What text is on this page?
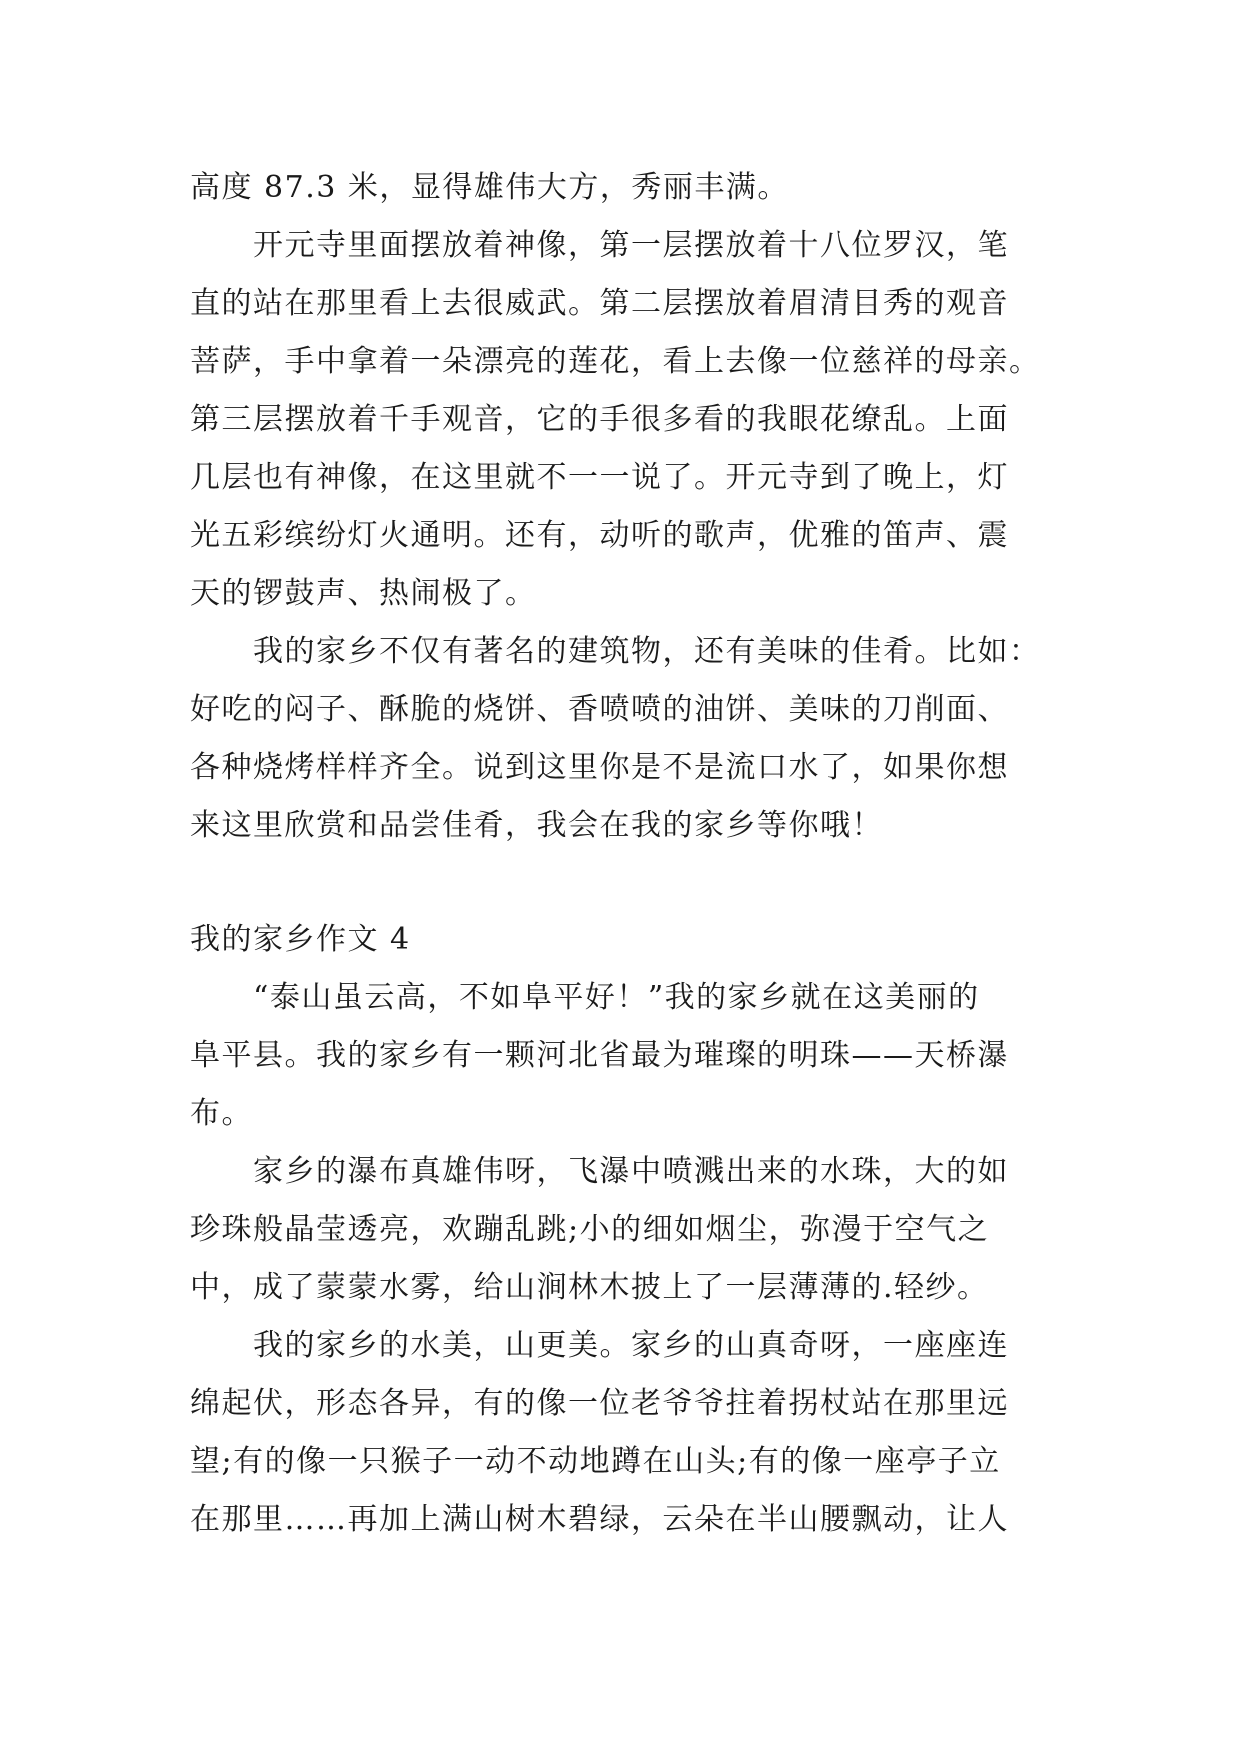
高度 87.3 米，显得雄伟大方，秀丽丰满。
　　开元寺里面摆放着神像，第一层摆放着十八位罗汉，笔
直的站在那里看上去很威武。第二层摆放着眉清目秀的观音
菩萨，手中拿着一朵漂亮的莲花，看上去像一位慈祥的母亲。
第三层摆放着千手观音，它的手很多看的我眼花缭乱。上面
几层也有神像，在这里就不一一说了。开元寺到了晚上，灯
光五彩缤纷灯火通明。还有，动听的歌声，优雅的笛声、震
天的锣鼓声、热闹极了。
　　我的家乡不仅有著名的建筑物，还有美味的佳肴。比如：
好吃的闷子、酥脆的烧饼、香喷喷的油饼、美味的刀削面、
各种烧烤样样齐全。说到这里你是不是流口水了，如果你想
来这里欣赏和品尝佳肴，我会在我的家乡等你哦！
我的家乡作文 4
　　“泰山虽云高，不如阜平好！”我的家乡就在这美丽的
阜平县。我的家乡有一颗河北省最为璀璨的明珠——天桥瀑
布。
　　家乡的瀑布真雄伟呀，飞瀑中喷溅出来的水珠，大的如
珍珠般晶莹透亮，欢蹦乱跳;小的细如烟尘，弥漫于空气之
中，成了蒙蒙水雾，给山涧林木披上了一层薄薄的.轻纱。
　　我的家乡的水美，山更美。家乡的山真奇呀，一座座连
绵起伏，形态各异，有的像一位老爷爷拄着拐杖站在那里远
望;有的像一只猴子一动不动地蹲在山头;有的像一座亭子立
在那里……再加上满山树木碧绿，云朵在半山腰飘动，让人
